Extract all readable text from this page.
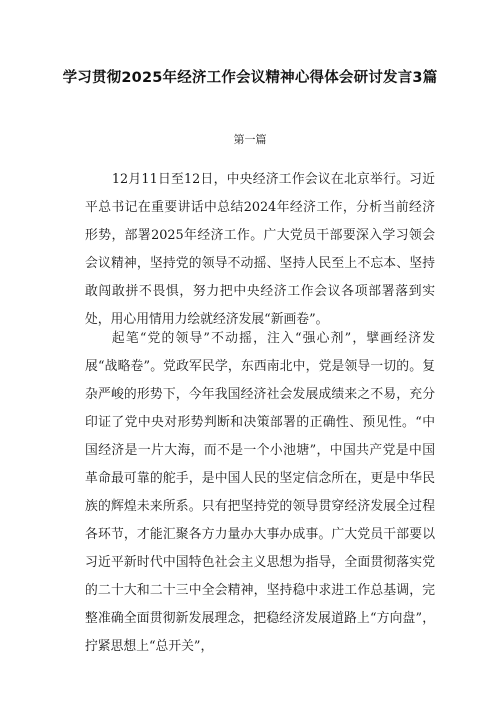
学习贯彻2025年经济工作会议精神心得体会研讨发言3篇
第一篇

12月11日至12日，中央经济工作会议在北京举行。习近平总书记在重要讲话中总结2024年经济工作，分析当前经济形势，部署2025年经济工作。广大党员干部要深入学习领会会议精神，坚持党的领导不动摇、坚持人民至上不忘本、坚持敢闯敢拼不畏惧，努力把中央经济工作会议各项部署落到实处，用心用情用力绘就经济发展“新画卷”。

起笔“党的领导”不动摇，注入“强心剂”，擘画经济发展“战略卷”。党政军民学，东西南北中，党是领导一切的。复杂严峻的形势下，今年我国经济社会发展成绩来之不易，充分印证了党中央对形势判断和决策部署的正确性、预见性。“中国经济是一片大海，而不是一个小池塘”，中国共产党是中国革命最可靠的舵手，是中国人民的坚定信念所在，更是中华民族的辉煌未来所系。只有把坚持党的领导贯穿经济发展全过程各环节，才能汇聚各方力量办大事办成事。广大党员干部要以习近平新时代中国特色社会主义思想为指导，全面贯彻落实党的二十大和二十三中全会精神，坚持稳中求进工作总基调，完整准确全面贯彻新发展理念，把稳经济发展道路上“方向盘”，拧紧思想上“总开关”，
